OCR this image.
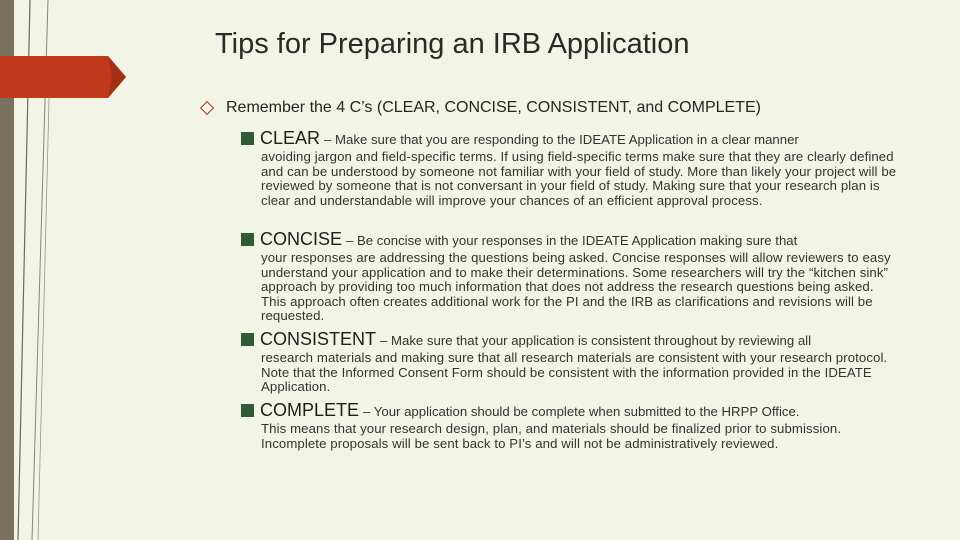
Tips for Preparing an IRB Application
Remember the 4 C’s (CLEAR, CONCISE, CONSISTENT, and COMPLETE)
CLEAR – Make sure that you are responding to the IDEATE Application in a clear manner
avoiding jargon and field-specific terms. If using field-specific terms make sure that they are clearly defined and can be understood by someone not familiar with your field of study. More than likely your project will be reviewed by someone that is not conversant in your field of study. Making sure that your research plan is clear and understandable will improve your chances of an efficient approval process.
CONCISE – Be concise with your responses in the IDEATE Application making sure that
your responses are addressing the questions being asked. Concise responses will allow reviewers to easy understand your application and to make their determinations. Some researchers will try the “kitchen sink” approach by providing too much information that does not address the research questions being asked. This approach often creates additional work for the PI and the IRB as clarifications and revisions will be requested.
CONSISTENT – Make sure that your application is consistent throughout by reviewing all
research materials and making sure that all research materials are consistent with your research protocol. Note that the Informed Consent Form should be consistent with the information provided in the IDEATE Application.
COMPLETE – Your application should be complete when submitted to the HRPP Office.
This means that your research design, plan, and materials should be finalized prior to submission. Incomplete proposals will be sent back to PI’s and will not be administratively reviewed.
